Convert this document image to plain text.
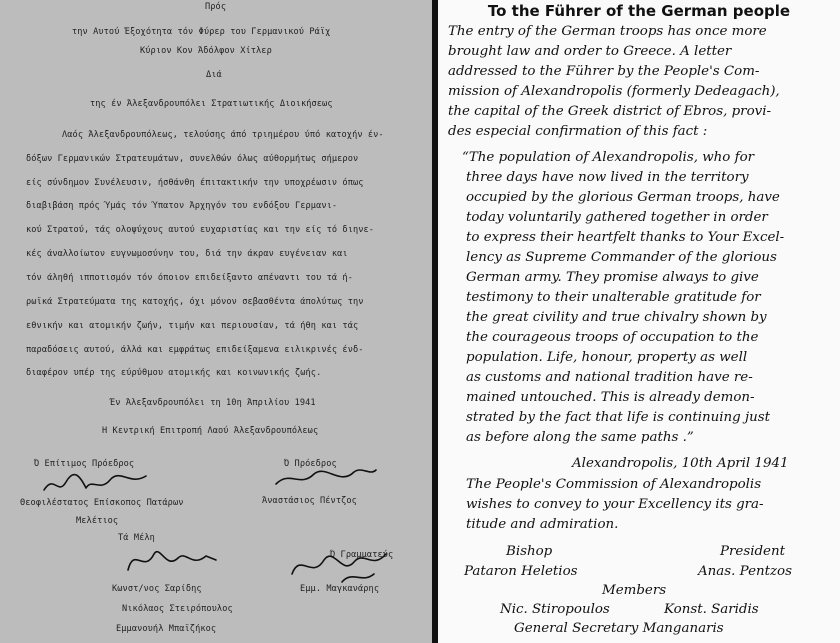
Πρός
την Αυτού Έξοχότητα τόν Φύρερ του Γερμανικού Ράϊχ
Κύριον Κον Άδόλφον Χίτλερ
Διά
της έν Άλεξανδρουπόλει Στρατιωτικής Διοικήσεως
Λαός Άλεξανδρουπόλεως, τελούσης άπό τριημέρου ύπό κατοχήν έν-
δόξων Γερμανικών Στρατευμάτων, συνελθών όλως αύθορμήτως σήμερον
είς σύνδημον Συνέλευσιν, ήσθάνθη έπιτακτικήν την υποχρέωσιν όπως
διαβιβάση πρός Ύμάς τόν Ύπατον Άρχηγόν του ενδόξου Γερμανι-
κού Στρατού, τάς ολοψύχους αυτού ευχαριστίας και την είς τό διηνε-
κές άναλλοίωτον ευγνωμοσύνην του, διά την άκραν ευγένειαν και
τόν άληθή ιπποτισμόν τόν όποιον επιδείξαντο απέναντι του τά ή-
ρωϊκά Στρατεύματα της κατοχής, όχι μόνον σεβασθέντα άπολύτως την
εθνικήν και ατομικήν ζωήν, τιμήν και περιουσίαν, τά ήθη και τάς
παραδόσεις αυτού, άλλά και εμφράτως επιδείξαμενα ειλικρινές ένδ-
διαφέρον υπέρ της εύρύθμου ατομικής και κοινωνικής ζωής.
Έν Άλεξανδρουπόλει τη 10η Άπριλίου 1941
Η Κεντρική Επιτροπή Λαού Άλεξανδρουπόλεως
Ό Επίτιμος Πρόεδρος	Ό Πρόεδρος
Θεοφιλέστατος Επίσκοπος Πατάρων
Μελέτιος
Άναστάσιος Πέντζος
Τά Μέλη
Ό Γραμματεύς
Κωνστ/νος Σαρίδης
Νικόλαος Στειρόπουλος
Εμμανουήλ Μπαϊζήκος
Εμμ. Μαγκανάρης
To the Führer of the German people
The entry of the German troops has once more
brought law and order to Greece. A letter
addressed to the Führer by the People's Com-
mission of Alexandropolis (formerly Dedeagach),
the capital of the Greek district of Ebros, provi-
des especial confirmation of this fact :
“The population of Alexandropolis, who for
three days have now lived in the territory
occupied by the glorious German troops, have
today voluntarily gathered together in order
to express their heartfelt thanks to Your Excel-
lency as Supreme Commander of the glorious
German army. They promise always to give
testimony to their unalterable gratitude for
the great civility and true chivalry shown by
the courageous troops of occupation to the
population. Life, honour, property as well
as customs and national tradition have re-
mained untouched. This is already demon-
strated by the fact that life is continuing just
as before along the same paths .”
Alexandropolis, 10th April 1941
The People's Commission of Alexandropolis
wishes to convey to your Excellency its gra-
titude and admiration.
Bishop	President
Pataron Heletios	Anas. Pentzos
Members
Nic. Stiropoulos	Konst. Saridis
General Secretary Manganaris
